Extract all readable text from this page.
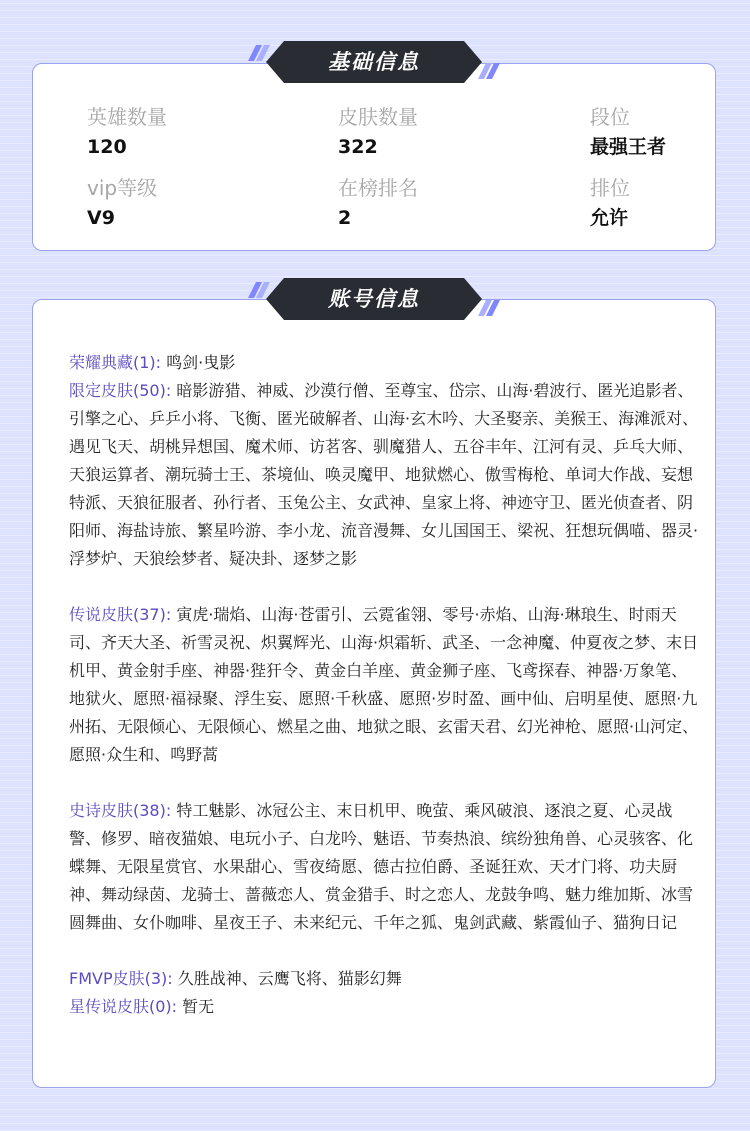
英雄数量
120
皮肤数量
322
段位
最强王者
vip等级
V9
在榜排名
2
排位
允许
基础信息
荣耀典藏(1): 鸣剑·曳影
限定皮肤(50): 暗影游猎、神威、沙漠行僧、至尊宝、岱宗、山海·碧波行、匿光追影者、引擎之心、乒乒小将、飞衡、匿光破解者、山海·玄木吟、大圣娶亲、美猴王、海滩派对、遇见飞天、胡桃异想国、魔术师、访茗客、驯魔猎人、五谷丰年、江河有灵、乒乓大师、天狼运算者、潮玩骑士王、茶境仙、唤灵魔甲、地狱燃心、傲雪梅枪、单词大作战、妄想特派、天狼征服者、孙行者、玉兔公主、女武神、皇家上将、神迹守卫、匿光侦查者、阴阳师、海盐诗旅、繁星吟游、李小龙、流音漫舞、女儿国国王、梁祝、狂想玩偶喵、器灵·浮梦炉、天狼绘梦者、疑决卦、逐梦之影
传说皮肤(37): 寅虎·瑞焰、山海·苍雷引、云霓雀翎、零号·赤焰、山海·琳琅生、时雨天司、齐天大圣、祈雪灵祝、炽翼辉光、山海·炽霜斩、武圣、一念神魔、仲夏夜之梦、末日机甲、黄金射手座、神器·狴犴令、黄金白羊座、黄金狮子座、飞鸢探春、神器·万象笔、地狱火、愿照·福禄聚、浮生妄、愿照·千秋盛、愿照·岁时盈、画中仙、启明星使、愿照·九州拓、无限倾心、无限倾心、燃星之曲、地狱之眼、玄雷天君、幻光神枪、愿照·山河定、愿照·众生和、鸣野蒿
史诗皮肤(38): 特工魅影、冰冠公主、末日机甲、晚萤、乘风破浪、逐浪之夏、心灵战警、修罗、暗夜猫娘、电玩小子、白龙吟、魅语、节奏热浪、缤纷独角兽、心灵骇客、化蝶舞、无限星赏官、水果甜心、雪夜绮愿、德古拉伯爵、圣诞狂欢、天才门将、功夫厨神、舞动绿茵、龙骑士、蔷薇恋人、赏金猎手、时之恋人、龙鼓争鸣、魅力维加斯、冰雪圆舞曲、女仆咖啡、星夜王子、未来纪元、千年之狐、鬼剑武藏、紫霞仙子、猫狗日记
FMVP皮肤(3): 久胜战神、云鹰飞将、猫影幻舞
星传说皮肤(0): 暂无
账号信息
